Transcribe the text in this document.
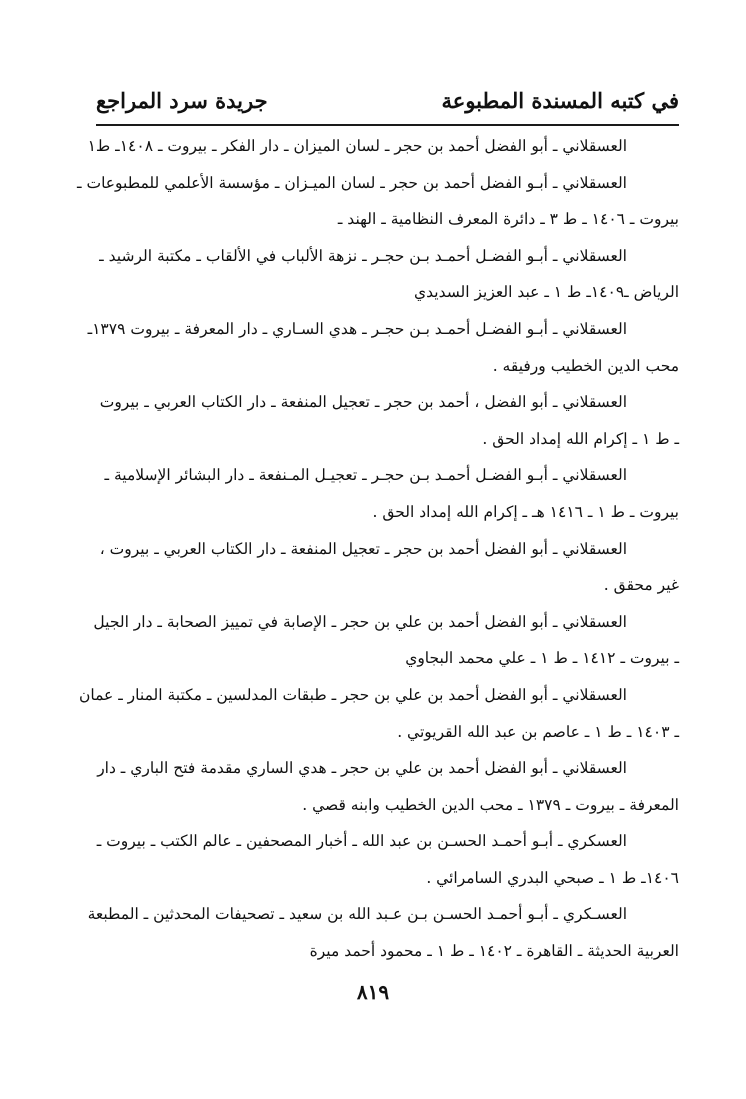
في كتبه المسندة المطبوعة
جريدة سرد المراجع
العسقلاني ـ أبو الفضل أحمد بن حجر ـ لسان الميزان ـ دار الفكر ـ بيروت ـ ١٤٠٨ـ ط١
العسقلاني ـ أبـو الفضل أحمد بن حجر ـ لسان الميـزان ـ مؤسسة الأعلمي للمطبوعات ـ
بيروت ـ ١٤٠٦ ـ ط ٣ ـ دائرة المعرف النظامية ـ الهند ـ
العسقلاني ـ أبـو الفضـل أحمـد بـن حجـر ـ نزهة الألباب في الألقاب ـ مكتبة الرشيد ـ
الرياض ـ١٤٠٩ـ ط ١ ـ عبد العزيز السديدي
العسقلاني ـ أبـو الفضـل أحمـد بـن حجـر ـ هدي السـاري ـ دار المعرفة ـ بيروت ١٣٧٩ـ
محب الدين الخطيب ورفيقه .
العسقلاني ـ أبو الفضل ، أحمد بن حجر ـ تعجيل المنفعة ـ دار الكتاب العربي ـ بيروت
ـ ط ١ ـ إكرام الله إمداد الحق .
العسقلاني ـ أبـو الفضـل أحمـد بـن حجـر ـ تعجيـل المـنفعة ـ دار البشائر الإسلامية ـ
بيروت ـ ط ١ ـ ١٤١٦ هـ ـ إكرام الله إمداد الحق .
العسقلاني ـ أبو الفضل أحمد بن حجر ـ تعجيل المنفعة ـ دار الكتاب العربي ـ بيروت ،
غير محقق .
العسقلاني ـ أبو الفضل أحمد بن علي بن حجر ـ الإصابة في تمييز الصحابة ـ دار الجيل
ـ بيروت ـ ١٤١٢ ـ ط ١ ـ علي محمد البجاوي
العسقلاني ـ أبو الفضل أحمد بن علي بن حجر ـ طبقات المدلسين ـ مكتبة المنار ـ عمان
ـ ١٤٠٣ ـ ط ١ ـ عاصم بن عبد الله القريوتي .
العسقلاني ـ أبو الفضل أحمد بن علي بن حجر ـ هدي الساري مقدمة فتح الباري ـ دار
المعرفة ـ بيروت ـ ١٣٧٩ ـ محب الدين الخطيب وابنه قصي .
العسكري ـ أبـو أحمـد الحسـن بن عبد الله ـ أخبار المصحفين ـ عالم الكتب ـ بيروت ـ
١٤٠٦ـ ط ١ ـ صبحي البدري السامرائي .
العسـكري ـ أبـو أحمـد الحسـن بـن عـبد الله بن سعيد ـ تصحيفات المحدثين ـ المطبعة
العربية الحديثة ـ القاهرة ـ ١٤٠٢ ـ ط ١ ـ محمود أحمد ميرة
٨١٩
